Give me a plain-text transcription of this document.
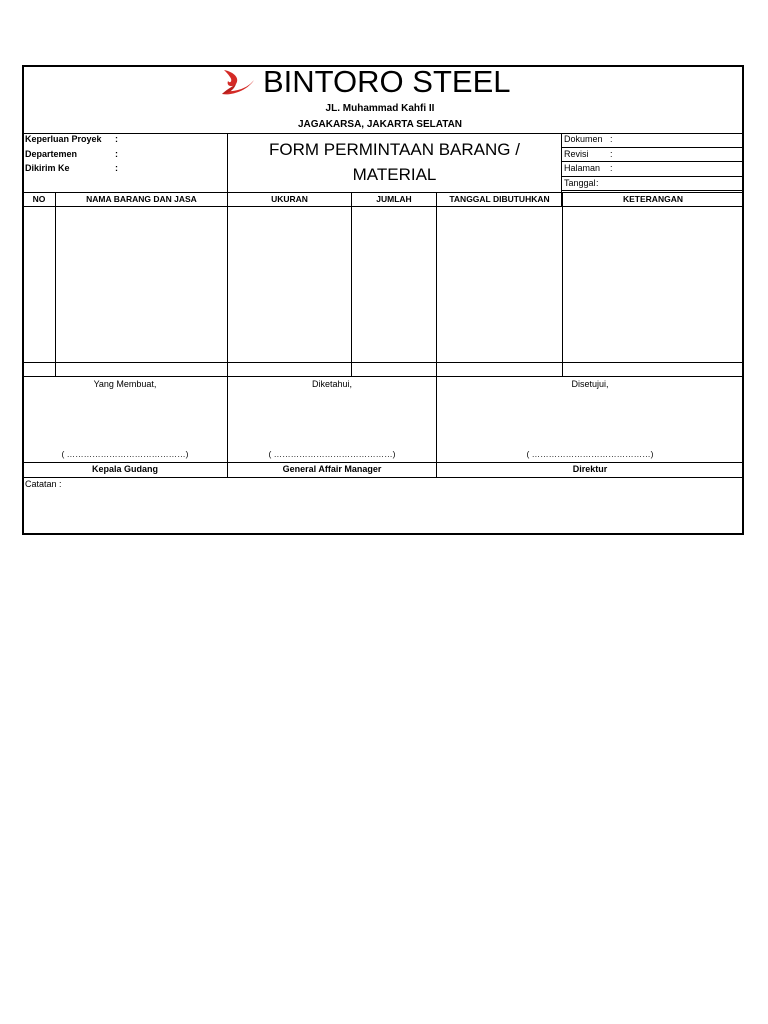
BINTORO STEEL
JL. Muhammad Kahfi II
JAGAKARSA, JAKARTA SELATAN
Keperluan Proyek :
Departemen	:
Dikirim Ke	:
FORM PERMINTAAN BARANG /
MATERIAL
Dokumen :
Revisi :
Halaman :
Tanggal :
NO	NAMA BARANG DAN JASA	UKURAN	JUMLAH	TANGGAL DIBUTUHKAN	KETERANGAN
Yang Membuat,	Diketahui,	Disetujui,
( ……………………………………)	( ……………………………………)	( ……………………………………)
Kepala Gudang	General Affair Manager	Direktur
Catatan :
